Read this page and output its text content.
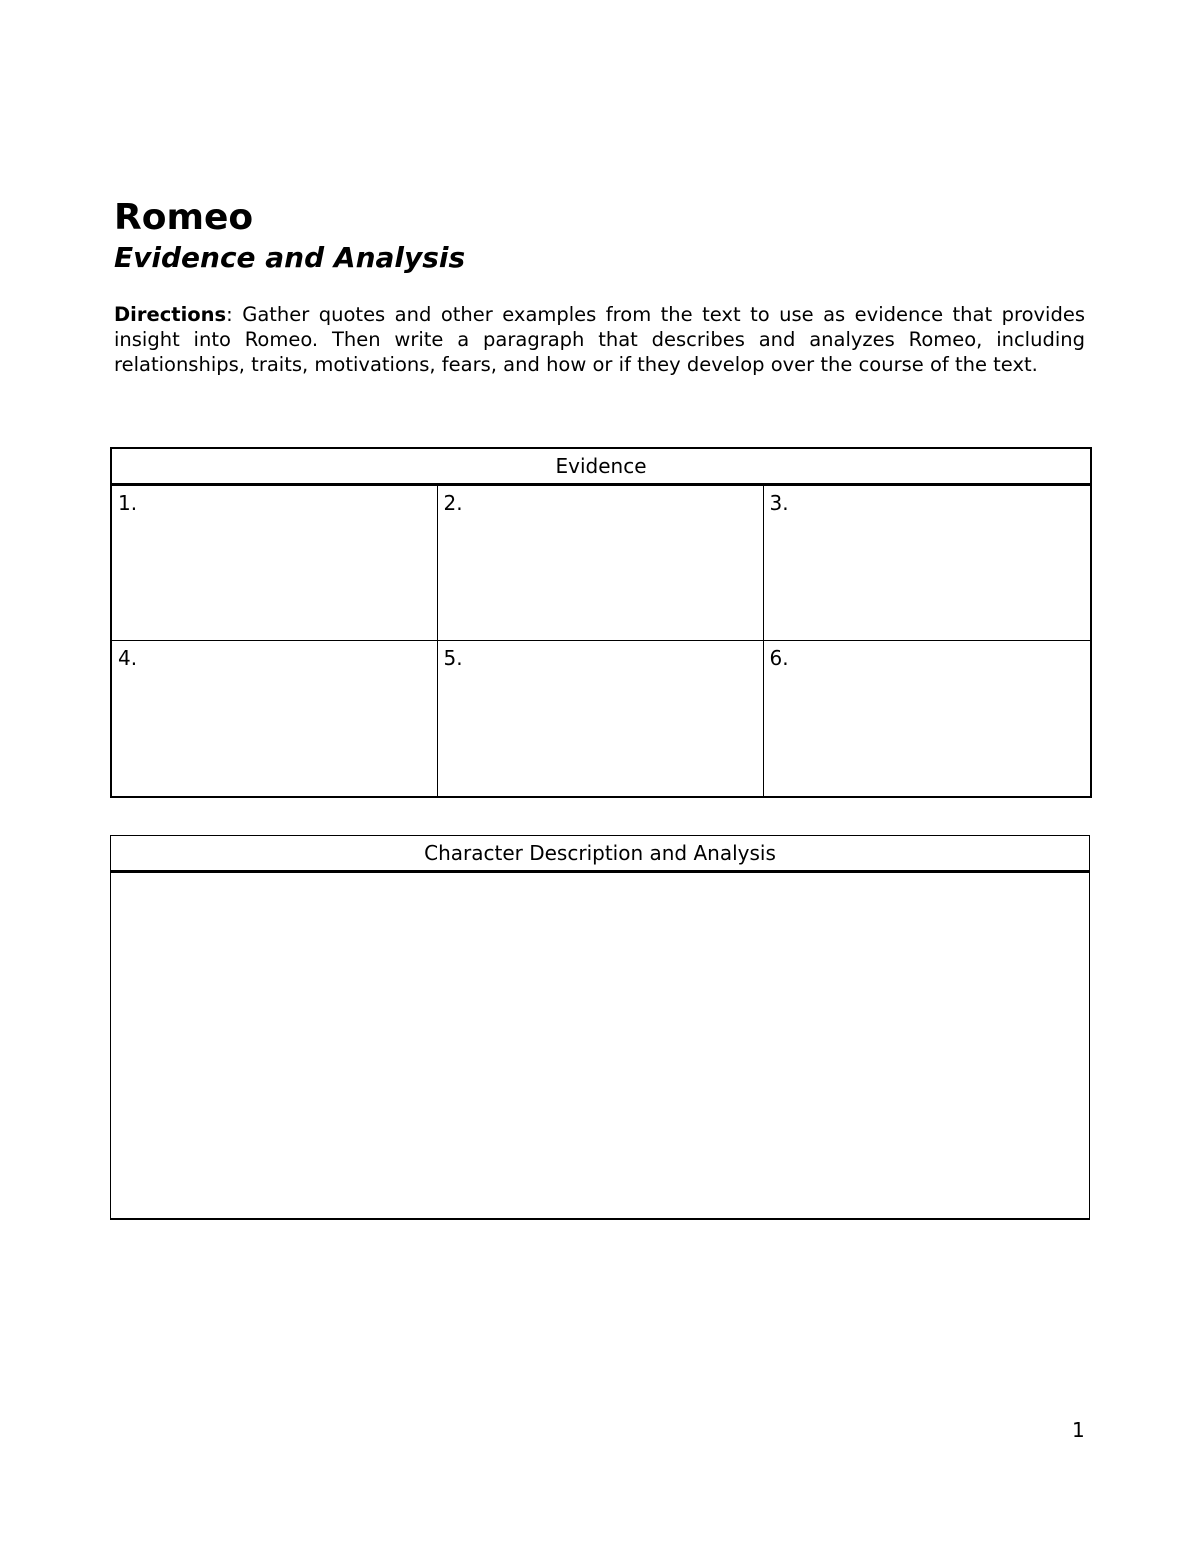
Romeo
Evidence and Analysis

Directions: Gather quotes and other examples from the text to use as evidence that provides insight into Romeo. Then write a paragraph that describes and analyzes Romeo, including relationships, traits, motivations, fears, and how or if they develop over the course of the text.

Evidence		
1.	2.	3.
4.	5.	6.
Character Description and Analysis

1
